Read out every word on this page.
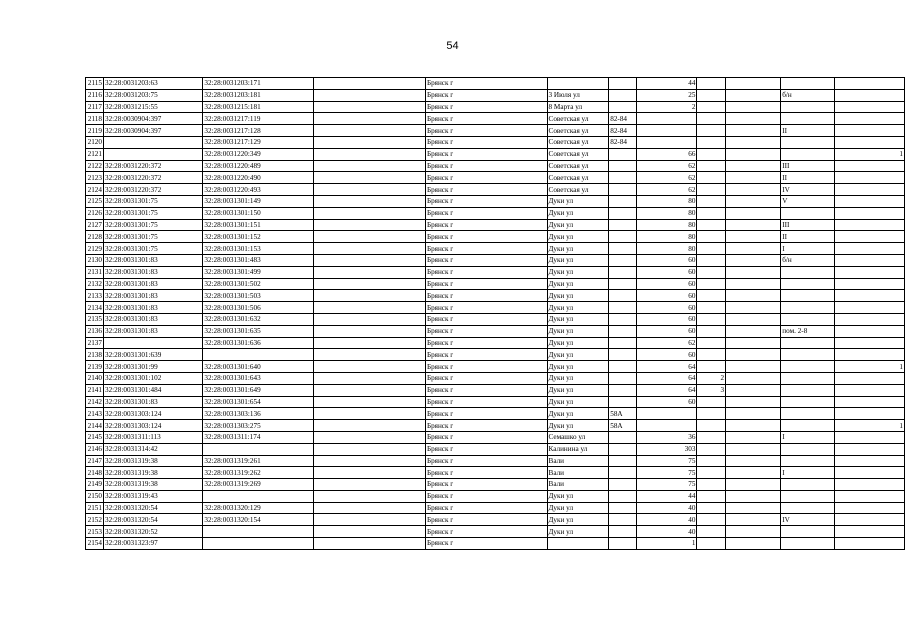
54
2115	32:28:0031203:63	32:28:0031203:171		Брянск г			44				
2116	32:28:0031203:75	32:28:0031203:181		Брянск г	3 Июля ул		25			б/н	
2117	32:28:0031215:55	32:28:0031215:181		Брянск г	8 Марта ул		2				
2118	32:28:0030904:397	32:28:0031217:119		Брянск г	Советская ул	82-84					
2119	32:28:0030904:397	32:28:0031217:128		Брянск г	Советская ул	82-84				II	
2120		32:28:0031217:129		Брянск г	Советская ул	82-84					
2121		32:28:0031220:349		Брянск г	Советская ул		66				1
2122	32:28:0031220:372	32:28:0031220:489		Брянск г	Советская ул		62			III	
2123	32:28:0031220:372	32:28:0031220:490		Брянск г	Советская ул		62			II	
2124	32:28:0031220:372	32:28:0031220:493		Брянск г	Советская ул		62			IV	
2125	32:28:0031301:75	32:28:0031301:149		Брянск г	Дуки ул		80			V	
2126	32:28:0031301:75	32:28:0031301:150		Брянск г	Дуки ул		80				
2127	32:28:0031301:75	32:28:0031301:151		Брянск г	Дуки ул		80			III	
2128	32:28:0031301:75	32:28:0031301:152		Брянск г	Дуки ул		80			II	
2129	32:28:0031301:75	32:28:0031301:153		Брянск г	Дуки ул		80			I	
2130	32:28:0031301:83	32:28:0031301:483		Брянск г	Дуки ул		60			б/н	
2131	32:28:0031301:83	32:28:0031301:499		Брянск г	Дуки ул		60				
2132	32:28:0031301:83	32:28:0031301:502		Брянск г	Дуки ул		60				
2133	32:28:0031301:83	32:28:0031301:503		Брянск г	Дуки ул		60				
2134	32:28:0031301:83	32:28:0031301:506		Брянск г	Дуки ул		60				
2135	32:28:0031301:83	32:28:0031301:632		Брянск г	Дуки ул		60				
2136	32:28:0031301:83	32:28:0031301:635		Брянск г	Дуки ул		60			пом. 2-8	
2137		32:28:0031301:636		Брянск г	Дуки ул		62				
2138	32:28:0031301:639			Брянск г	Дуки ул		60				
2139	32:28:0031301:99	32:28:0031301:640		Брянск г	Дуки ул		64				1
2140	32:28:0031301:102	32:28:0031301:643		Брянск г	Дуки ул		64	2			
2141	32:28:0031301:484	32:28:0031301:649		Брянск г	Дуки ул		64	3			
2142	32:28:0031301:83	32:28:0031301:654		Брянск г	Дуки ул		60				
2143	32:28:0031303:124	32:28:0031303:136		Брянск г	Дуки ул	58А					
2144	32:28:0031303:124	32:28:0031303:275		Брянск г	Дуки ул	58А					1
2145	32:28:0031311:113	32:28:0031311:174		Брянск г	Семашко ул		36			I	
2146	32:28:0031314:42			Брянск г	Калинина ул		303				
2147	32:28:0031319:38	32:28:0031319:261		Брянск г	Вали		75				
2148	32:28:0031319:38	32:28:0031319:262		Брянск г	Вали		75			I	
2149	32:28:0031319:38	32:28:0031319:269		Брянск г	Вали		75				
2150	32:28:0031319:43			Брянск г	Дуки ул		44				
2151	32:28:0031320:54	32:28:0031320:129		Брянск г	Дуки ул		40				
2152	32:28:0031320:54	32:28:0031320:154		Брянск г	Дуки ул		40			IV	
2153	32:28:0031320:52			Брянск г	Дуки ул		40				
2154	32:28:0031323:97			Брянск г			1				
